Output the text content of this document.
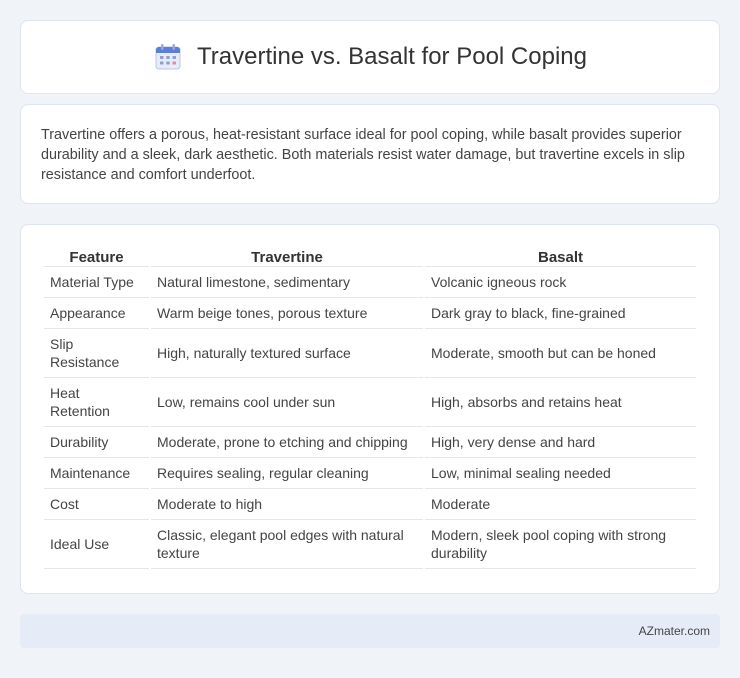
Travertine vs. Basalt for Pool Coping

Travertine offers a porous, heat-resistant surface ideal for pool coping, while basalt provides superior durability and a sleek, dark aesthetic. Both materials resist water damage, but travertine excels in slip resistance and comfort underfoot.

Feature	Travertine	Basalt
Material Type	Natural limestone, sedimentary	Volcanic igneous rock
Appearance	Warm beige tones, porous texture	Dark gray to black, fine-grained
Slip Resistance	High, naturally textured surface	Moderate, smooth but can be honed
Heat Retention	Low, remains cool under sun	High, absorbs and retains heat
Durability	Moderate, prone to etching and chipping	High, very dense and hard
Maintenance	Requires sealing, regular cleaning	Low, minimal sealing needed
Cost	Moderate to high	Moderate
Ideal Use	Classic, elegant pool edges with natural texture	Modern, sleek pool coping with strong durability
AZmater.com
